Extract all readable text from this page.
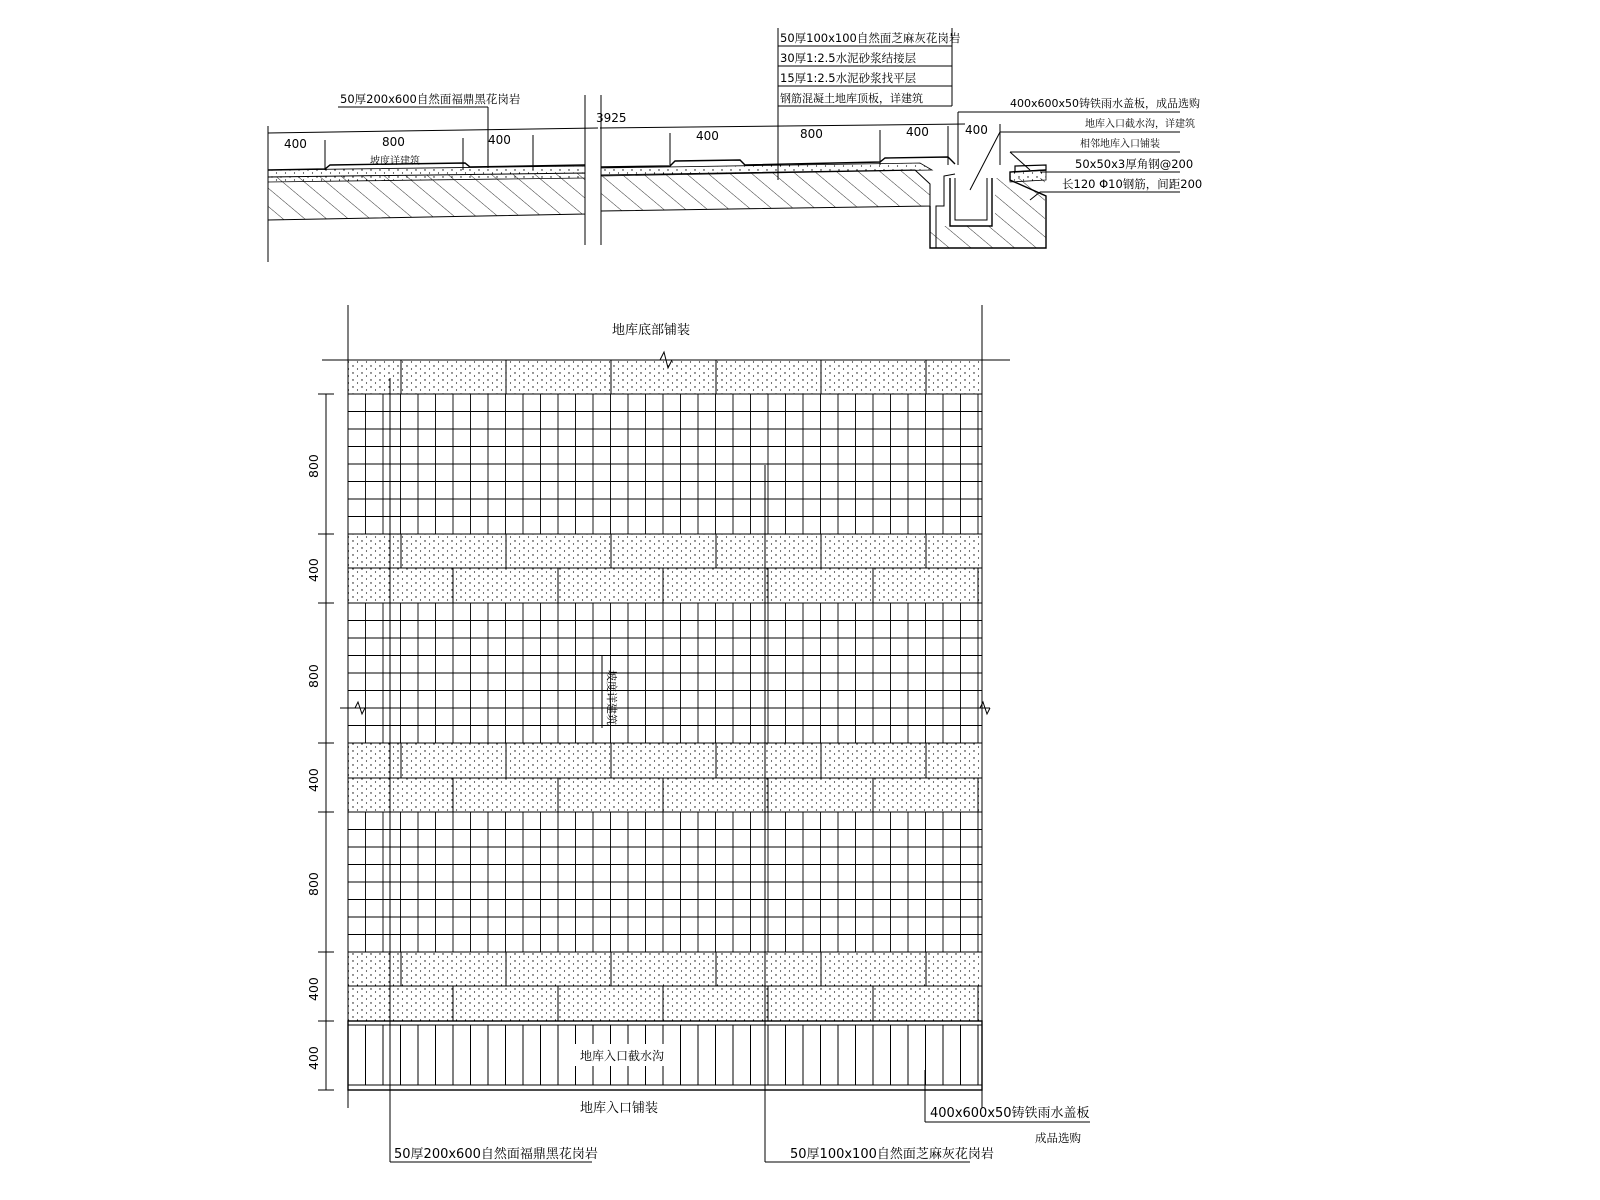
50厚100x100自然面芝麻灰花岗岩
30厚1:2.5水泥砂浆结接层
15厚1:2.5水泥砂浆找平层
钢筋混凝土地库顶板，详建筑
50厚200x600自然面福鼎黑花岗岩
3925
400	800	400	400	800	400	400
坡度详建筑
400x600x50铸铁雨水盖板，成品选购
地库入口截水沟，详建筑
相邻地库入口铺装
50x50x3厚角钢@200
长120 Φ10钢筋，间距200
地库底部铺装
地库入口截水沟
坡度详建筑
800
400
800
400
800
400
400
地库入口铺装
50厚200x600自然面福鼎黑花岗岩	50厚100x100自然面芝麻灰花岗岩
400x600x50铸铁雨水盖板
成品选购
